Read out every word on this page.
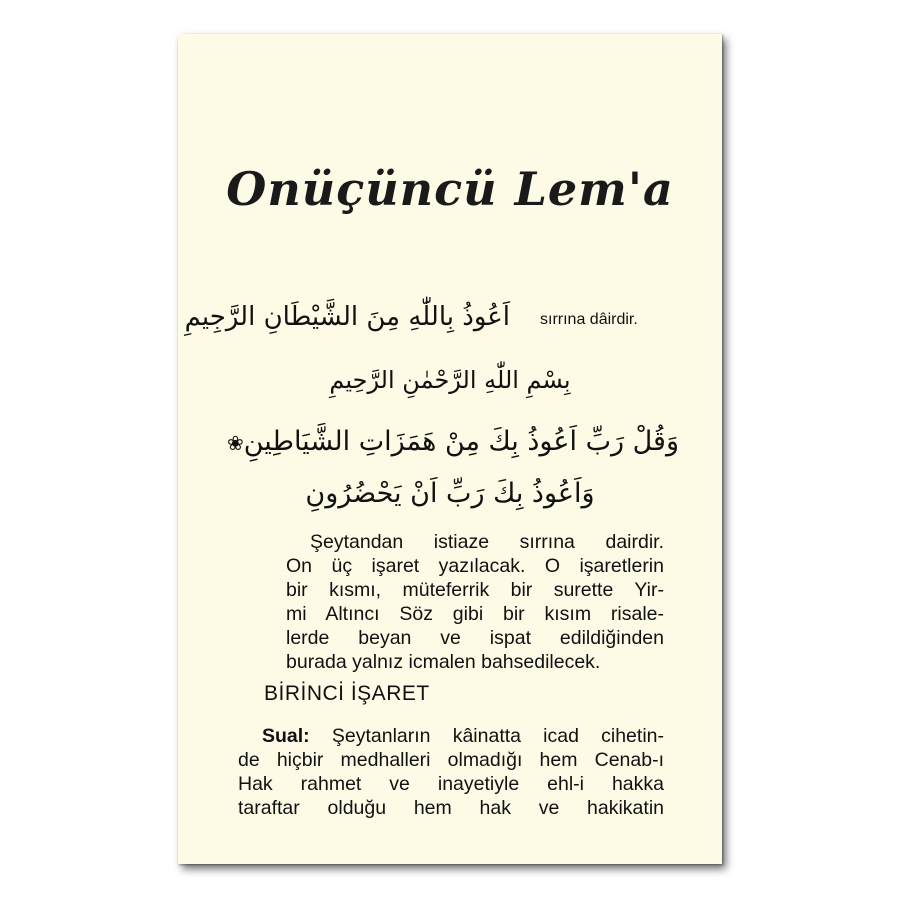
Onüçüncü Lem'a
اَعُوذُ بِاللّٰهِ مِنَ الشَّيْطَانِ الرَّجِيمِ sırrına dâirdir.
بِسْمِ اللّٰهِ الرَّحْمٰنِ الرَّحِيمِ
وَقُلْ رَبِّ اَعُوذُ بِكَ مِنْ هَمَزَاتِ الشَّيَاطِينِ❀
وَاَعُوذُ بِكَ رَبِّ اَنْ يَحْضُرُونِ
Şeytandan istiaze sırrına dairdir.
On üç işaret yazılacak. O işaretlerin
bir kısmı, müteferrik bir surette Yir-
mi Altıncı Söz gibi bir kısım risale-
lerde beyan ve ispat edildiğinden
burada yalnız icmalen bahsedilecek.
BİRİNCİ İŞARET
Sual: Şeytanların kâinatta icad cihetin-
de hiçbir medhalleri olmadığı hem Cenab-ı
Hak rahmet ve inayetiyle ehl-i hakka
taraftar olduğu hem hak ve hakikatin
